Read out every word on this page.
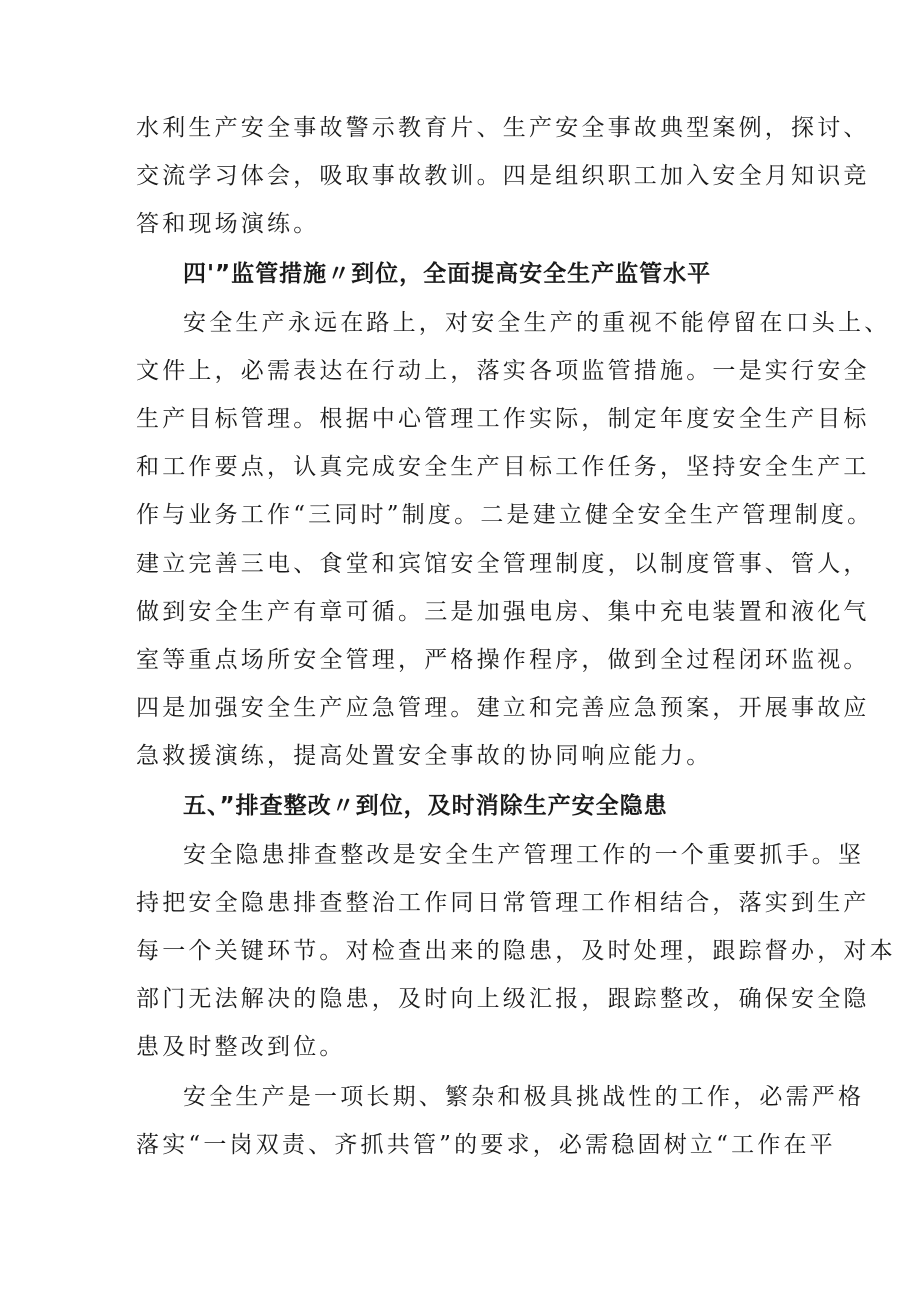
水利生产安全事故警示教育片、生产安全事故典型案例，探讨、
交流学习体会，吸取事故教训。四是组织职工加入安全月知识竞
答和现场演练。
四'”监管措施〃到位，全面提高安全生产监管水平
安全生产永远在路上，对安全生产的重视不能停留在口头上、
文件上，必需表达在行动上，落实各项监管措施。一是实行安全
生产目标管理。根据中心管理工作实际，制定年度安全生产目标
和工作要点，认真完成安全生产目标工作任务，坚持安全生产工
作与业务工作“三同时”制度。二是建立健全安全生产管理制度。
建立完善三电、食堂和宾馆安全管理制度，以制度管事、管人，
做到安全生产有章可循。三是加强电房、集中充电装置和液化气
室等重点场所安全管理，严格操作程序，做到全过程闭环监视。
四是加强安全生产应急管理。建立和完善应急预案，开展事故应
急救援演练，提高处置安全事故的协同响应能力。
五、”排查整改〃到位，及时消除生产安全隐患
安全隐患排查整改是安全生产管理工作的一个重要抓手。坚
持把安全隐患排查整治工作同日常管理工作相结合，落实到生产
每一个关键环节。对检查出来的隐患，及时处理，跟踪督办，对本
部门无法解决的隐患，及时向上级汇报，跟踪整改，确保安全隐
患及时整改到位。
安全生产是一项长期、繁杂和极具挑战性的工作，必需严格
落实“一岗双责、齐抓共管”的要求，必需稳固树立“工作在平
